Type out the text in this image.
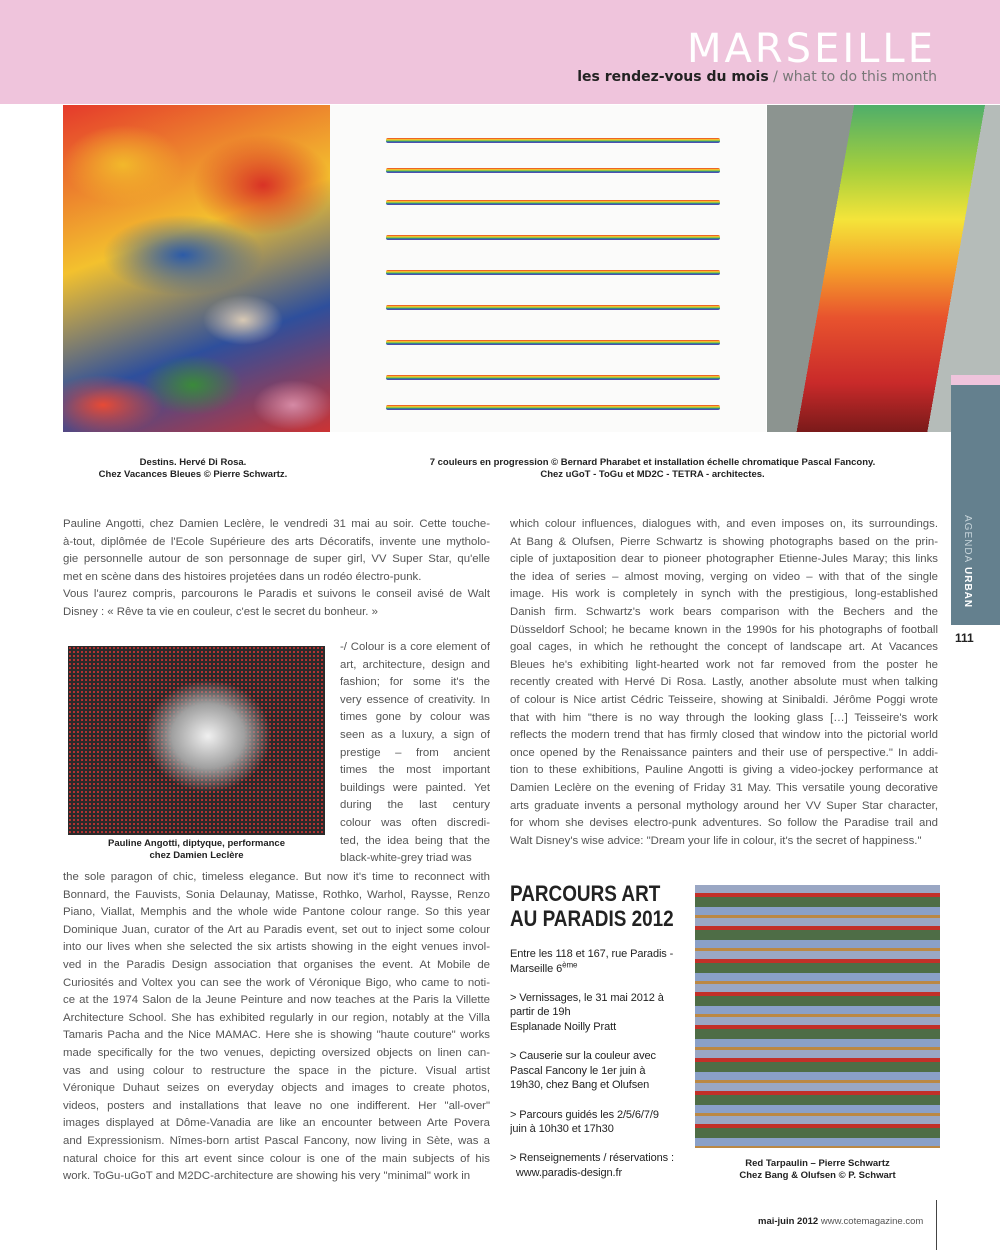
MARSEILLE
les rendez-vous du mois / what to do this month
Destins. Hervé Di Rosa.
Chez Vacances Bleues © Pierre Schwartz.
7 couleurs en progression © Bernard Pharabet et installation échelle chromatique Pascal Fancony.
Chez uGoT - ToGu et MD2C - TETRA - architectes.
AGENDA URBAN
111
Pauline Angotti, chez Damien Leclère, le vendredi 31 mai au soir. Cette touche-
à-tout, diplômée de l'Ecole Supérieure des arts Décoratifs, invente une mytholo-
gie personnelle autour de son personnage de super girl, VV Super Star, qu'elle
met en scène dans des histoires projetées dans un rodéo électro-punk.
Vous l'aurez compris, parcourons le Paradis et suivons le conseil avisé de Walt
Disney : « Rêve ta vie en couleur, c'est le secret du bonheur. »
which colour influences, dialogues with, and even imposes on, its surroundings.
At Bang & Olufsen, Pierre Schwartz is showing photographs based on the prin-
ciple of juxtaposition dear to pioneer photographer Etienne-Jules Maray; this links
the idea of series – almost moving, verging on video – with that of the single
image. His work is completely in synch with the prestigious, long-established
Danish firm. Schwartz's work bears comparison with the Bechers and the
Düsseldorf School; he became known in the 1990s for his photographs of football
goal cages, in which he rethought the concept of landscape art. At Vacances
Bleues he's exhibiting light-hearted work not far removed from the poster he
recently created with Hervé Di Rosa. Lastly, another absolute must when talking
of colour is Nice artist Cédric Teisseire, showing at Sinibaldi. Jérôme Poggi wrote
that with him "there is no way through the looking glass […] Teisseire's work
reflects the modern trend that has firmly closed that window into the pictorial world
once opened by the Renaissance painters and their use of perspective." In addi-
tion to these exhibitions, Pauline Angotti is giving a video-jockey performance at
Damien Leclère on the evening of Friday 31 May. This versatile young decorative
arts graduate invents a personal mythology around her VV Super Star character,
for whom she devises electro-punk adventures. So follow the Paradise trail and
Walt Disney's wise advice: "Dream your life in colour, it's the secret of happiness."
-/ Colour is a core element of
art, architecture, design and
fashion; for some it's the
very essence of creativity. In
times gone by colour was
seen as a luxury, a sign of
prestige – from ancient
times the most important
buildings were painted. Yet
during the last century
colour was often discredi-
ted, the idea being that the
black-white-grey triad was
the sole paragon of chic, timeless elegance. But now it's time to reconnect with
Bonnard, the Fauvists, Sonia Delaunay, Matisse, Rothko, Warhol, Raysse, Renzo
Piano, Viallat, Memphis and the whole wide Pantone colour range. So this year
Dominique Juan, curator of the Art au Paradis event, set out to inject some colour
into our lives when she selected the six artists showing in the eight venues invol-
ved in the Paradis Design association that organises the event. At Mobile de
Curiosités and Voltex you can see the work of Véronique Bigo, who came to noti-
ce at the 1974 Salon de la Jeune Peinture and now teaches at the Paris la Villette
Architecture School. She has exhibited regularly in our region, notably at the Villa
Tamaris Pacha and the Nice MAMAC. Here she is showing "haute couture" works
made specifically for the two venues, depicting oversized objects on linen can-
vas and using colour to restructure the space in the picture. Visual artist
Véronique Duhaut seizes on everyday objects and images to create photos,
videos, posters and installations that leave no one indifferent. Her "all-over"
images displayed at Dôme-Vanadia are like an encounter between Arte Povera
and Expressionism. Nîmes-born artist Pascal Fancony, now living in Sète, was a
natural choice for this art event since colour is one of the main subjects of his
work. ToGu-uGoT and M2DC-architecture are showing his very "minimal" work in
Pauline Angotti, diptyque, performance
chez Damien Leclère
PARCOURS ART
AU PARADIS 2012

Entre les 118 et 167, rue Paradis -
Marseille 6ème

> Vernissages, le 31 mai 2012 à
partir de 19h
Esplanade Noilly Pratt

> Causerie sur la couleur avec
Pascal Fancony le 1er juin à
19h30, chez Bang et Olufsen

> Parcours guidés les 2/5/6/7/9
juin à 10h30 et 17h30

> Renseignements / réservations :
www.paradis-design.fr

Red Tarpaulin – Pierre Schwartz
Chez Bang & Olufsen © P. Schwart
mai-juin 2012 www.cotemagazine.com
